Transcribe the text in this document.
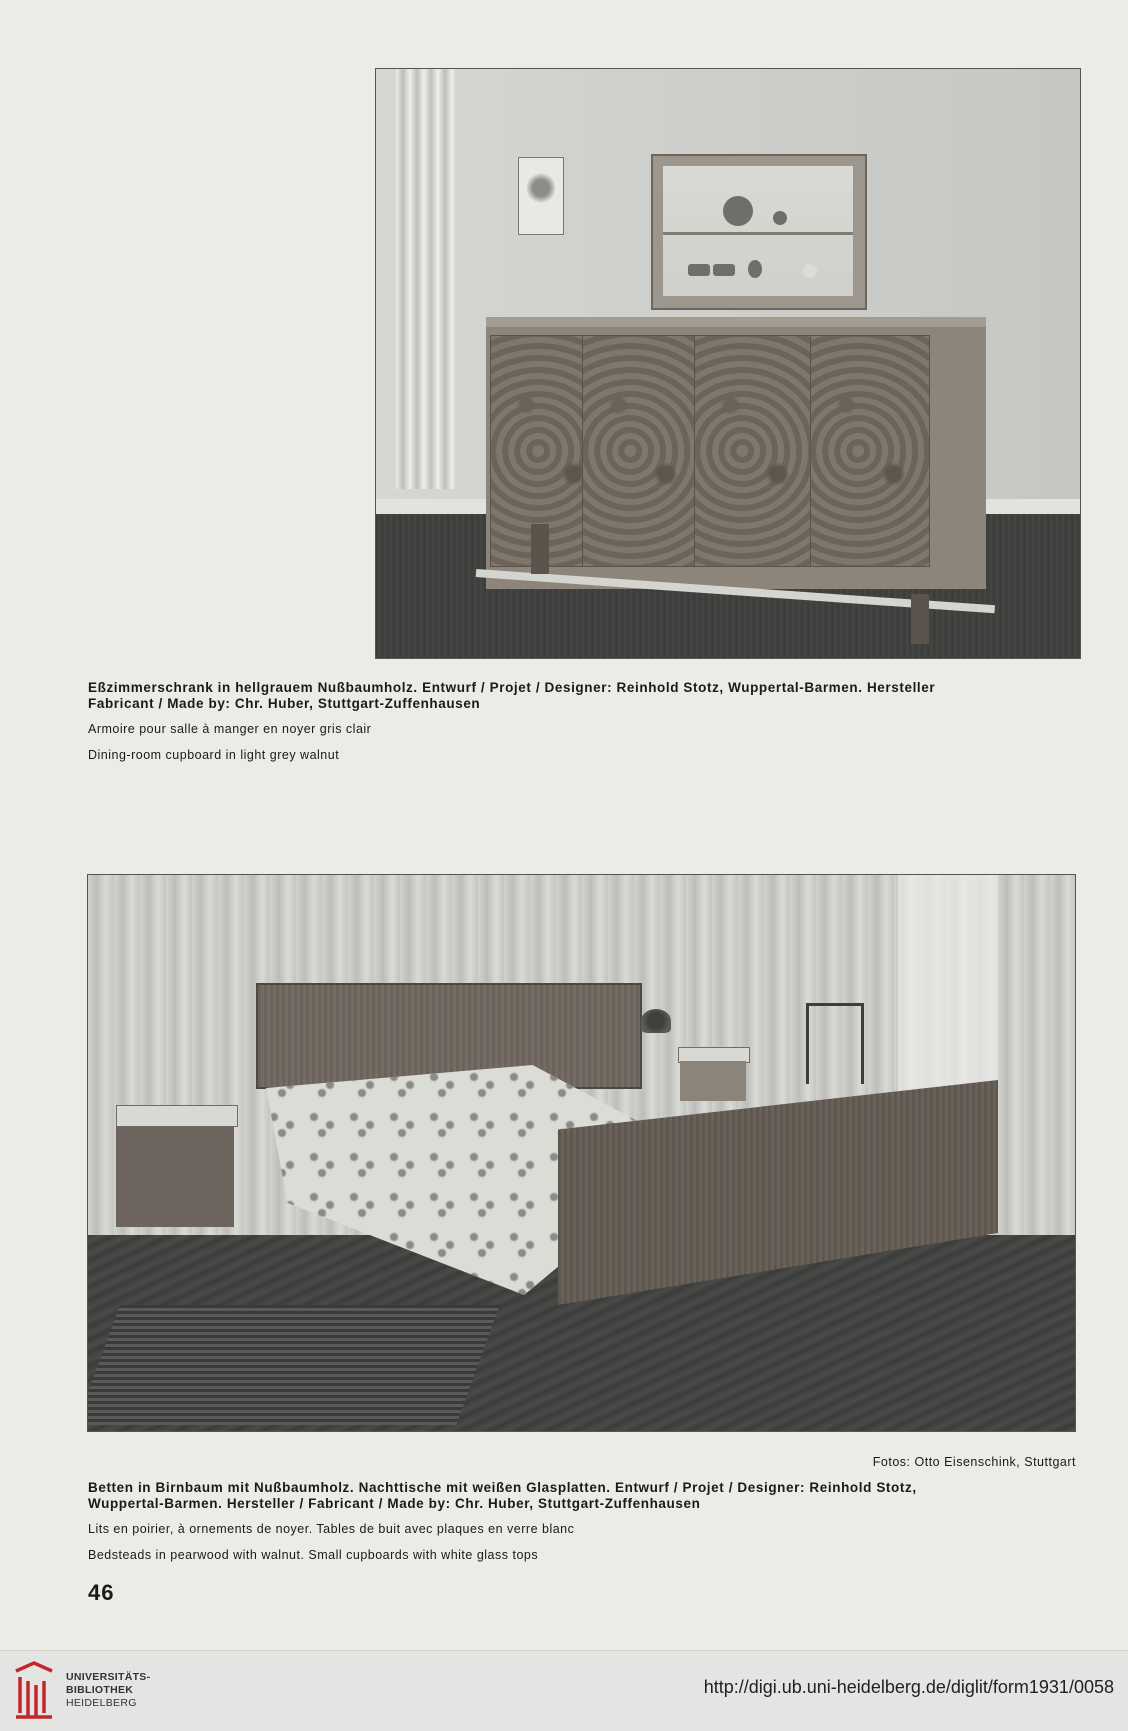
Eßzimmerschrank in hellgrauem Nußbaumholz. Entwurf / Projet / Designer: Reinhold Stotz, Wuppertal-Barmen. Hersteller
Fabricant / Made by: Chr. Huber, Stuttgart-Zuffenhausen
Armoire pour salle à manger en noyer gris clair
Dining-room cupboard in light grey walnut
Fotos: Otto Eisenschink, Stuttgart
Betten in Birnbaum mit Nußbaumholz. Nachttische mit weißen Glasplatten. Entwurf / Projet / Designer: Reinhold Stotz,
Wuppertal-Barmen. Hersteller / Fabricant / Made by: Chr. Huber, Stuttgart-Zuffenhausen
Lits en poirier, à ornements de noyer. Tables de buit avec plaques en verre blanc
Bedsteads in pearwood with walnut. Small cupboards with white glass tops
46
UNIVERSITÄTS-
BIBLIOTHEK
HEIDELBERG
http://digi.ub.uni-heidelberg.de/diglit/form1931/0058
